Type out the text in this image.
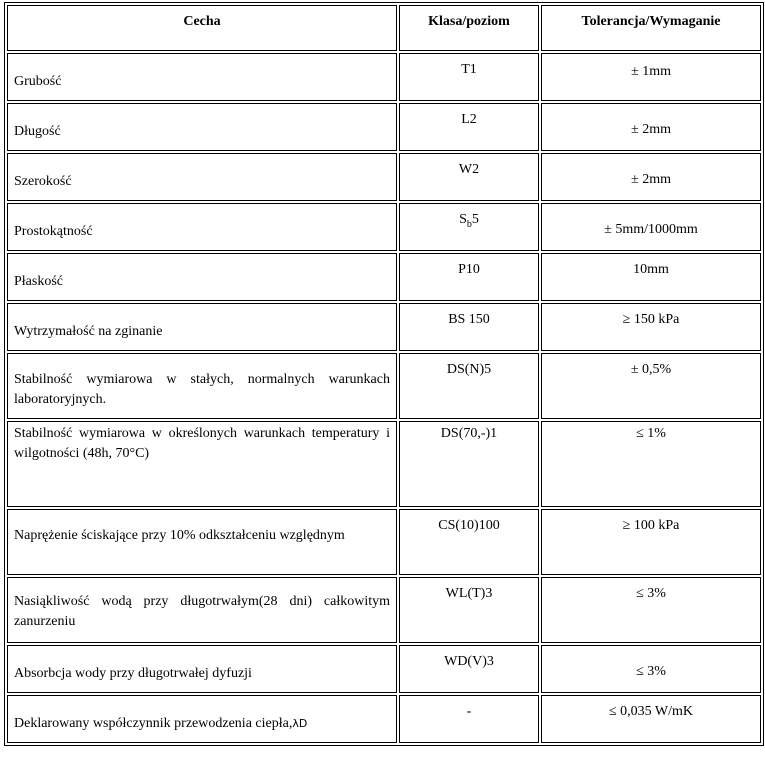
Cecha	Klasa/poziom	Tolerancja/Wymaganie

Grubość	T1	± 1mm

Długość	L2	± 2mm

Szerokość	W2	± 2mm

Prostokątność	$S_b5$	± 5mm/1000mm

Płaskość	P10	10mm

Wytrzymałość na zginanie	BS 150	≥ 150 kPa

Stabilność wymiarowa w stałych, normalnych warunkach laboratoryjnych.	DS(N)5	± 0,5%

Stabilność wymiarowa w określonych warunkach temperatury i wilgotności (48h, 70°C)	DS(70,-)1	≤ 1%

Naprężenie ściskające przy 10% odkształceniu względnym	CS(10)100	≥ 100 kPa

Nasiąkliwość wodą przy długotrwałym(28 dni) całkowitym zanurzeniu	WL(T)3	≤ 3%

Absorbcja wody przy długotrwałej dyfuzji	WD(V)3	≤ 3%

Deklarowany współczynnik przewodzenia ciepła,λD	-	≤ 0,035 W/mK
